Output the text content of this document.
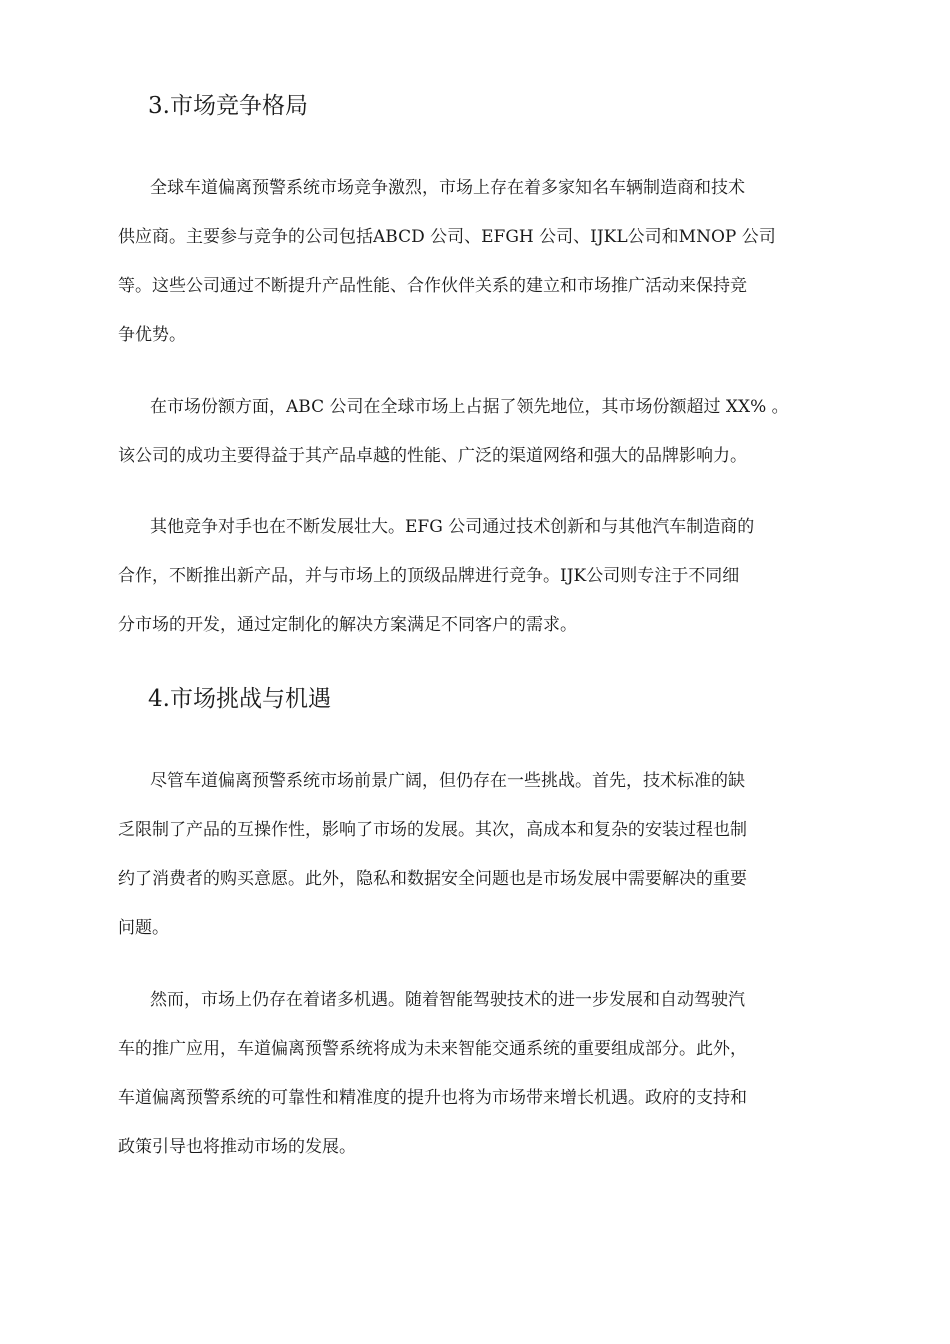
3.市场竞争格局
全球车道偏离预警系统市场竞争激烈，市场上存在着多家知名车辆制造商和技术
供应商。主要参与竞争的公司包括ABCD 公司、EFGH 公司、IJKL公司和MNOP 公司
等。这些公司通过不断提升产品性能、合作伙伴关系的建立和市场推广活动来保持竞
争优势。
在市场份额方面，ABC 公司在全球市场上占据了领先地位，其市场份额超过 XX% 。
该公司的成功主要得益于其产品卓越的性能、广泛的渠道网络和强大的品牌影响力。
其他竞争对手也在不断发展壮大。EFG 公司通过技术创新和与其他汽车制造商的
合作，不断推出新产品，并与市场上的顶级品牌进行竞争。IJK公司则专注于不同细
分市场的开发，通过定制化的解决方案满足不同客户的需求。
4.市场挑战与机遇
尽管车道偏离预警系统市场前景广阔，但仍存在一些挑战。首先，技术标准的缺
乏限制了产品的互操作性，影响了市场的发展。其次，高成本和复杂的安装过程也制
约了消费者的购买意愿。此外，隐私和数据安全问题也是市场发展中需要解决的重要
问题。
然而，市场上仍存在着诸多机遇。随着智能驾驶技术的进一步发展和自动驾驶汽
车的推广应用，车道偏离预警系统将成为未来智能交通系统的重要组成部分。此外，
车道偏离预警系统的可靠性和精准度的提升也将为市场带来增长机遇。政府的支持和
政策引导也将推动市场的发展。
